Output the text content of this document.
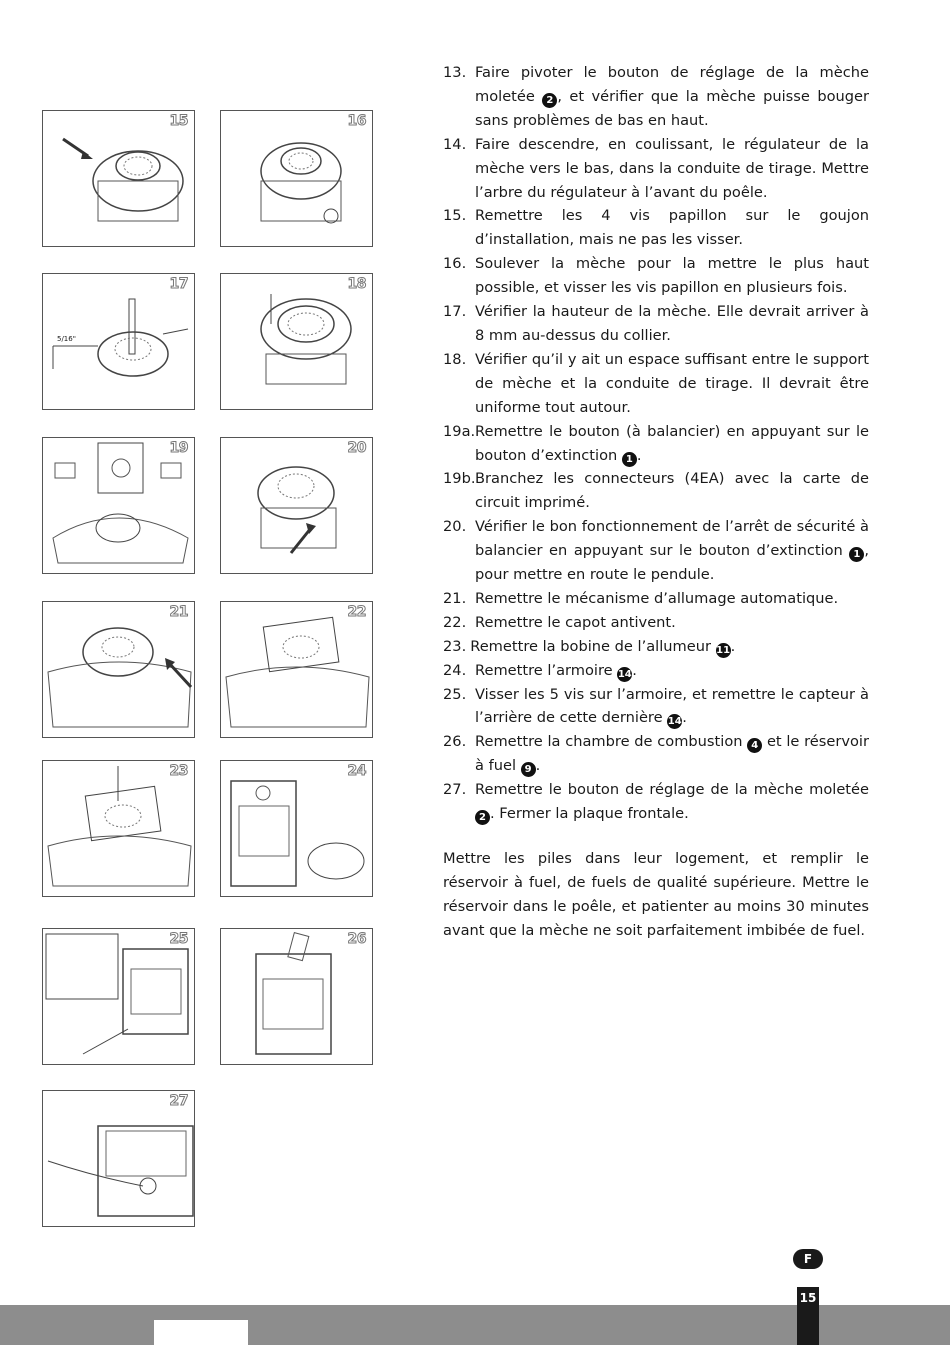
15	16
5/16"
17	18
19	20
21	22
23	24
25	26
27
13. Faire pivoter le bouton de réglage de la mèche moletée 2 , et vérifier que la mèche puisse bouger sans problèmes de bas en haut.
14. Faire descendre, en coulissant, le régulateur de la mèche vers le bas, dans la conduite de tirage. Mettre l’arbre du régulateur à l’avant du poêle.
15. Remettre les 4 vis papillon sur le goujon d’installation, mais ne pas les visser.
16. Soulever la mèche pour la mettre le plus haut possible, et visser les vis papillon en plusieurs fois.
17. Vérifier la hauteur de la mèche. Elle devrait arriver à 8 mm au-dessus du collier.
18. Vérifier qu’il y ait un espace suffisant entre le support de mèche et la conduite de tirage. Il devrait être uniforme tout autour.
19a. Remettre le bouton (à balancier) en appuyant sur le bouton d’extinction 1 .
19b. Branchez les connecteurs (4EA) avec la carte de circuit imprimé.
20. Vérifier le bon fonctionnement de l’arrêt de sécurité à balancier en appuyant sur le bouton d’extinction 1 , pour mettre en route le pendule.
21. Remettre le mécanisme d’allumage automatique.
22. Remettre le capot antivent.
23. Remettre la bobine de l’allumeur 11.
24. Remettre l’armoire 14.
25. Visser les 5 vis sur l’armoire, et remettre le capteur à l’arrière de cette dernière 14.
26. Remettre la chambre de combustion 4 et le réservoir à fuel 9 .
27. Remettre le bouton de réglage de la mèche moletée 2 . Fermer la plaque frontale.
Mettre les piles dans leur logement, et remplir le réservoir à fuel, de fuels de qualité supérieure. Mettre le réservoir dans le poêle, et patienter au moins 30 minutes avant que la mèche ne soit parfaitement imbibée de fuel.
F
15
